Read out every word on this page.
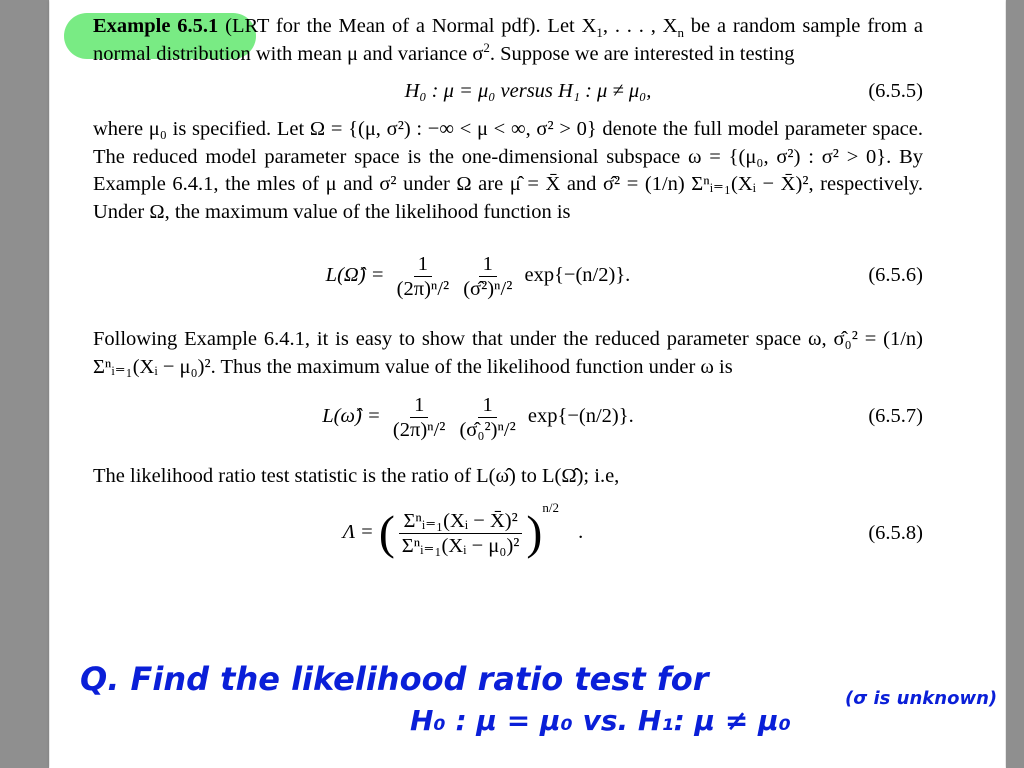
Example 6.5.1 (LRT for the Mean of a Normal pdf). Let $X_1$, . . . , $X_n$ be a random sample from a normal distribution with mean μ and variance $\sigma^2$. Suppose we are interested in testing

H₀ : μ = μ₀ versus H₁ : μ ≠ μ₀,	(6.5.5)

where μ₀ is specified. Let Ω = {(μ, σ²) : −∞ < μ < ∞, σ² > 0} denote the full model parameter space. The reduced model parameter space is the one-dimensional subspace ω = {(μ₀, σ²) : σ² > 0}. By Example 6.4.1, the mles of μ and σ² under Ω are μ̂ = X̄ and σ̂² = (1/n) Σⁿᵢ₌₁(Xᵢ − X̄)², respectively. Under Ω, the maximum value of the likelihood function is

L(Ω̂) = $\frac{1}{\text{(2π)ⁿ/²}} \frac{1}{\text{(σ̂²)ⁿ/²}} \exp\{-(n/2)\}$.	(6.5.6)

Following Example 6.4.1, it is easy to show that under the reduced parameter space ω, σ̂₀² = (1/n) Σⁿᵢ₌₁(Xᵢ − μ₀)². Thus the maximum value of the likelihood function under ω is

L(ω̂) = $\frac{1}{\text{(2π)ⁿ/²}} \frac{1}{\text{(σ̂₀²)ⁿ/²}} \exp\{-(n/2)\}$.	(6.5.7)

The likelihood ratio test statistic is the ratio of L(ω̂) to L(Ω̂); i.e,

Λ = ( $\frac{\text{Σⁿᵢ₌₁(Xᵢ − X̄)²}}{\text{Σⁿᵢ₌₁(Xᵢ − μ₀)²}} )^{n/2}$ .	(6.5.8)
Q. Find the likelihood ratio test for
H₀ : μ = μ₀ vs. H₁: μ ≠ μ₀
(σ is unknown)
